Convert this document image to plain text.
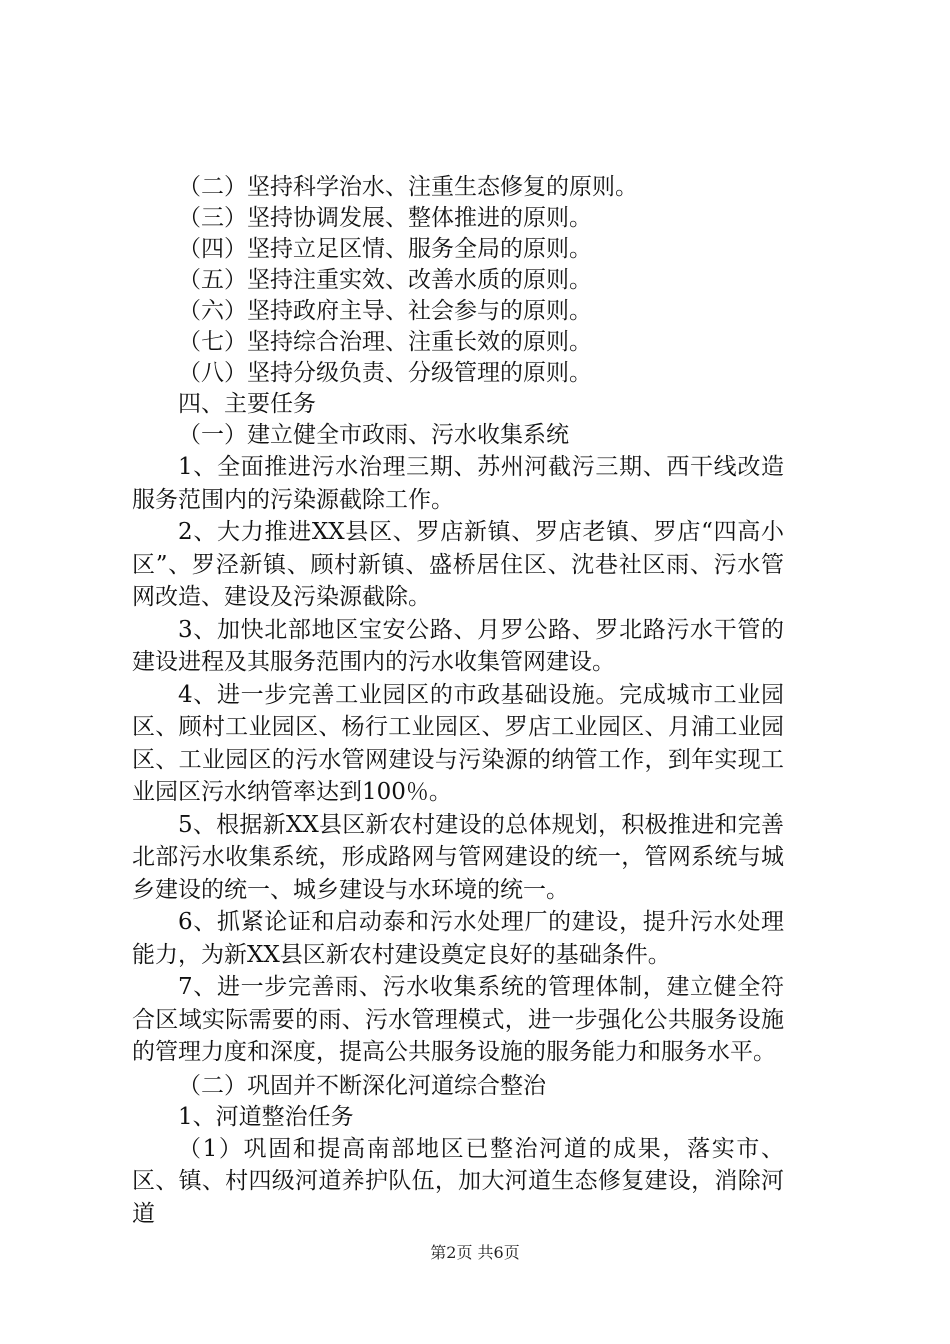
（二）坚持科学治水、注重生态修复的原则。
（三）坚持协调发展、整体推进的原则。
（四）坚持立足区情、服务全局的原则。
（五）坚持注重实效、改善水质的原则。
（六）坚持政府主导、社会参与的原则。
（七）坚持综合治理、注重长效的原则。
（八）坚持分级负责、分级管理的原则。
四、主要任务
（一）建立健全市政雨、污水收集系统
1、全面推进污水治理三期、苏州河截污三期、西干线改造服务范围内的污染源截除工作。
2、大力推进XX县区、罗店新镇、罗店老镇、罗店“四高小区”、罗泾新镇、顾村新镇、盛桥居住区、沈巷社区雨、污水管网改造、建设及污染源截除。
3、加快北部地区宝安公路、月罗公路、罗北路污水干管的建设进程及其服务范围内的污水收集管网建设。
4、进一步完善工业园区的市政基础设施。完成城市工业园区、顾村工业园区、杨行工业园区、罗店工业园区、月浦工业园区、工业园区的污水管网建设与污染源的纳管工作，到年实现工业园区污水纳管率达到100％。
5、根据新XX县区新农村建设的总体规划，积极推进和完善北部污水收集系统，形成路网与管网建设的统一，管网系统与城乡建设的统一、城乡建设与水环境的统一。
6、抓紧论证和启动泰和污水处理厂的建设，提升污水处理能力，为新XX县区新农村建设奠定良好的基础条件。
7、进一步完善雨、污水收集系统的管理体制，建立健全符合区域实际需要的雨、污水管理模式，进一步强化公共服务设施的管理力度和深度，提高公共服务设施的服务能力和服务水平。
（二）巩固并不断深化河道综合整治
1、河道整治任务
（1）巩固和提高南部地区已整治河道的成果，落实市、区、镇、村四级河道养护队伍，加大河道生态修复建设，消除河道
第2页 共6页
